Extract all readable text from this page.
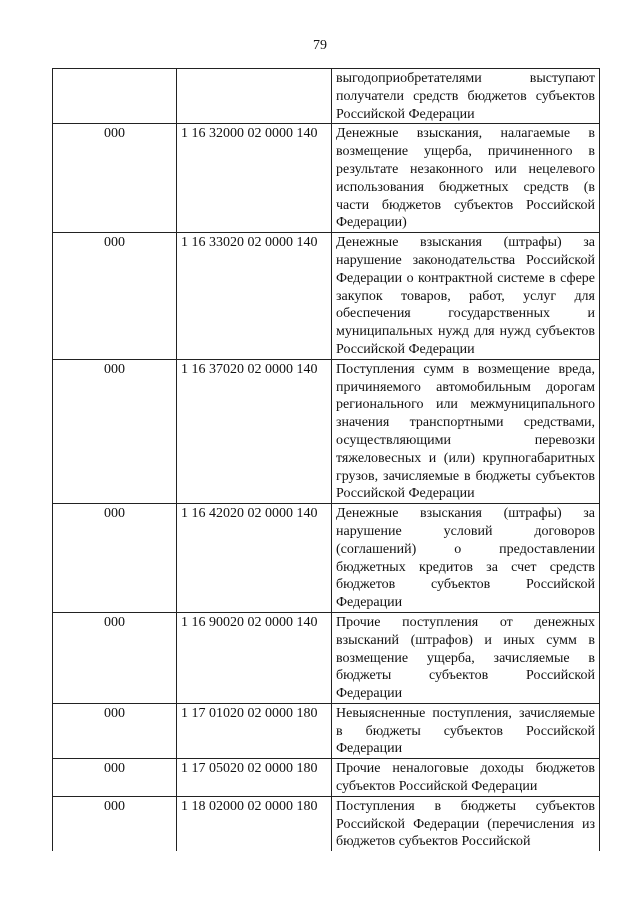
79
		выгодоприобретателями выступают получатели средств бюджетов субъектов Российской Федерации
000	1 16 32000 02 0000 140	Денежные взыскания, налагаемые в возмещение ущерба, причиненного в результате незаконного или нецелевого использования бюджетных средств (в части бюджетов субъектов Российской Федерации)
000	1 16 33020 02 0000 140	Денежные взыскания (штрафы) за нарушение законодательства Российской Федерации о контрактной системе в сфере закупок товаров, работ, услуг для обеспечения государственных и муниципальных нужд для нужд субъектов Российской Федерации
000	1 16 37020 02 0000 140	Поступления сумм в возмещение вреда, причиняемого автомобильным дорогам регионального или межмуниципального значения транспортными средствами, осуществляющими перевозки тяжеловесных и (или) крупногабаритных грузов, зачисляемые в бюджеты субъектов Российской Федерации
000	1 16 42020 02 0000 140	Денежные взыскания (штрафы) за нарушение условий договоров (соглашений) о предоставлении бюджетных кредитов за счет средств бюджетов субъектов Российской Федерации
000	1 16 90020 02 0000 140	Прочие поступления от денежных взысканий (штрафов) и иных сумм в возмещение ущерба, зачисляемые в бюджеты субъектов Российской Федерации
000	1 17 01020 02 0000 180	Невыясненные поступления, зачисляемые в бюджеты субъектов Российской Федерации
000	1 17 05020 02 0000 180	Прочие неналоговые доходы бюджетов субъектов Российской Федерации
000	1 18 02000 02 0000 180	Поступления в бюджеты субъектов Российской Федерации (перечисления из бюджетов субъектов Российской
